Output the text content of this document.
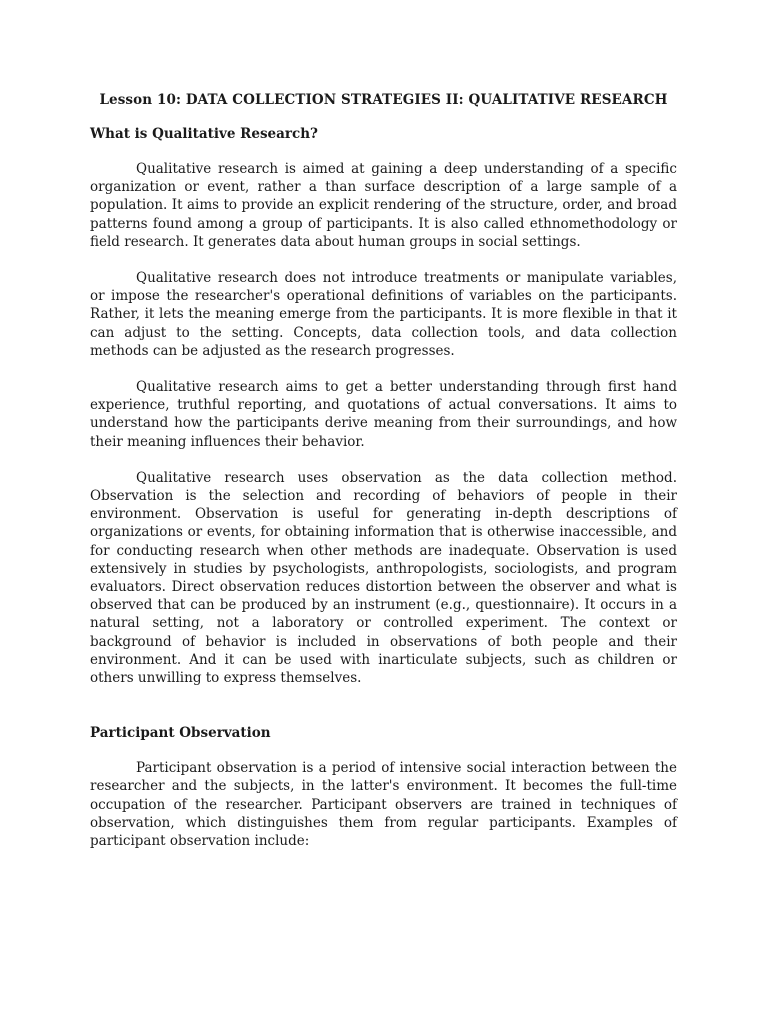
Lesson 10: DATA COLLECTION STRATEGIES II: QUALITATIVE RESEARCH
What is Qualitative Research?

Qualitative research is aimed at gaining a deep understanding of a specific organization or event, rather a than surface description of a large sample of a population. It aims to provide an explicit rendering of the structure, order, and broad patterns found among a group of participants. It is also called ethnomethodology or field research. It generates data about human groups in social settings.

Qualitative research does not introduce treatments or manipulate variables, or impose the researcher's operational definitions of variables on the participants. Rather, it lets the meaning emerge from the participants. It is more flexible in that it can adjust to the setting. Concepts, data collection tools, and data collection methods can be adjusted as the research progresses.

Qualitative research aims to get a better understanding through first hand experience, truthful reporting, and quotations of actual conversations. It aims to understand how the participants derive meaning from their surroundings, and how their meaning influences their behavior.

Qualitative research uses observation as the data collection method. Observation is the selection and recording of behaviors of people in their environment. Observation is useful for generating in-depth descriptions of organizations or events, for obtaining information that is otherwise inaccessible, and for conducting research when other methods are inadequate. Observation is used extensively in studies by psychologists, anthropologists, sociologists, and program evaluators. Direct observation reduces distortion between the observer and what is observed that can be produced by an instrument (e.g., questionnaire). It occurs in a natural setting, not a laboratory or controlled experiment. The context or background of behavior is included in observations of both people and their environment. And it can be used with inarticulate subjects, such as children or others unwilling to express themselves.

Participant Observation

Participant observation is a period of intensive social interaction between the researcher and the subjects, in the latter's environment. It becomes the full-time occupation of the researcher. Participant observers are trained in techniques of observation, which distinguishes them from regular participants. Examples of participant observation include:
